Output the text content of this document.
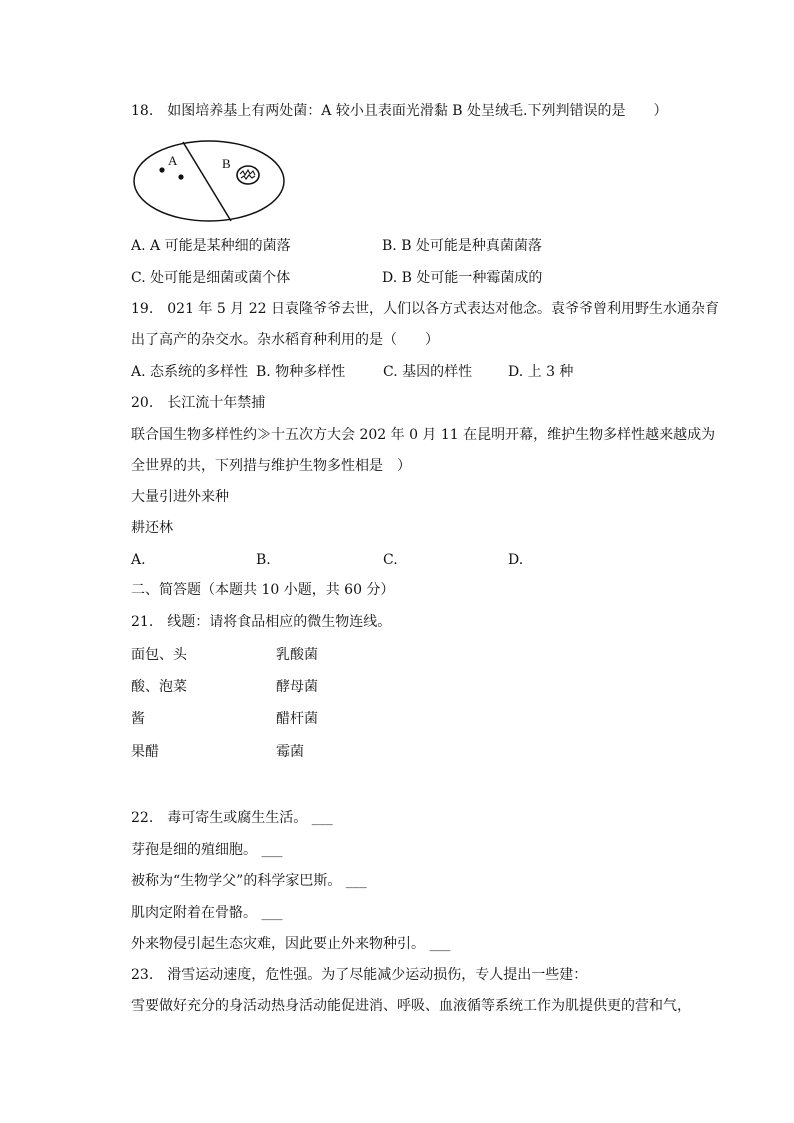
18.　如图培养基上有两处菌：A 较小且表面光滑黏 B 处呈绒毛.下列判错误的是　　）
A	B
A. A 可能是某种细的菌落	B. B 处可能是种真菌菌落
C. 处可能是细菌或菌个体	D. B 处可能一种霉菌成的
19.　021 年 5 月 22 日袁隆爷爷去世，人们以各方式表达对他念。袁爷爷曾利用野生水通杂育
出了高产的杂交水。杂水稻育种利用的是（　　）
A. 态系统的多样性 B. 物种多样性	C. 基因的样性	D. 上 3 种
20.　长江流十年禁捕
联合国生物多样性约≫十五次方大会 202 年 0 月 11 在昆明开幕，维护生物多样性越来越成为
全世界的共，下列措与维护生物多性相是　）
大量引进外来种
耕还林
A.	B.	C.	D.
二、简答题（本题共 10 小题，共 60 分）
21.　线题：请将食品相应的微生物连线。
面包、头	乳酸菌
酸、泡菜	酵母菌
酱	醋杆菌
果醋	霉菌
22.　毒可寄生或腐生生活。 ___
芽孢是细的殖细胞。 ___
被称为“生物学父”的科学家巴斯。 ___
肌肉定附着在骨骼。 ___
外来物侵引起生态灾难，因此要止外来物种引。 ___
23.　滑雪运动速度，危性强。为了尽能减少运动损伤，专人提出一些建：
雪要做好充分的身活动热身活动能促进消、呼吸、血液循等系统工作为肌提供更的营和气，
